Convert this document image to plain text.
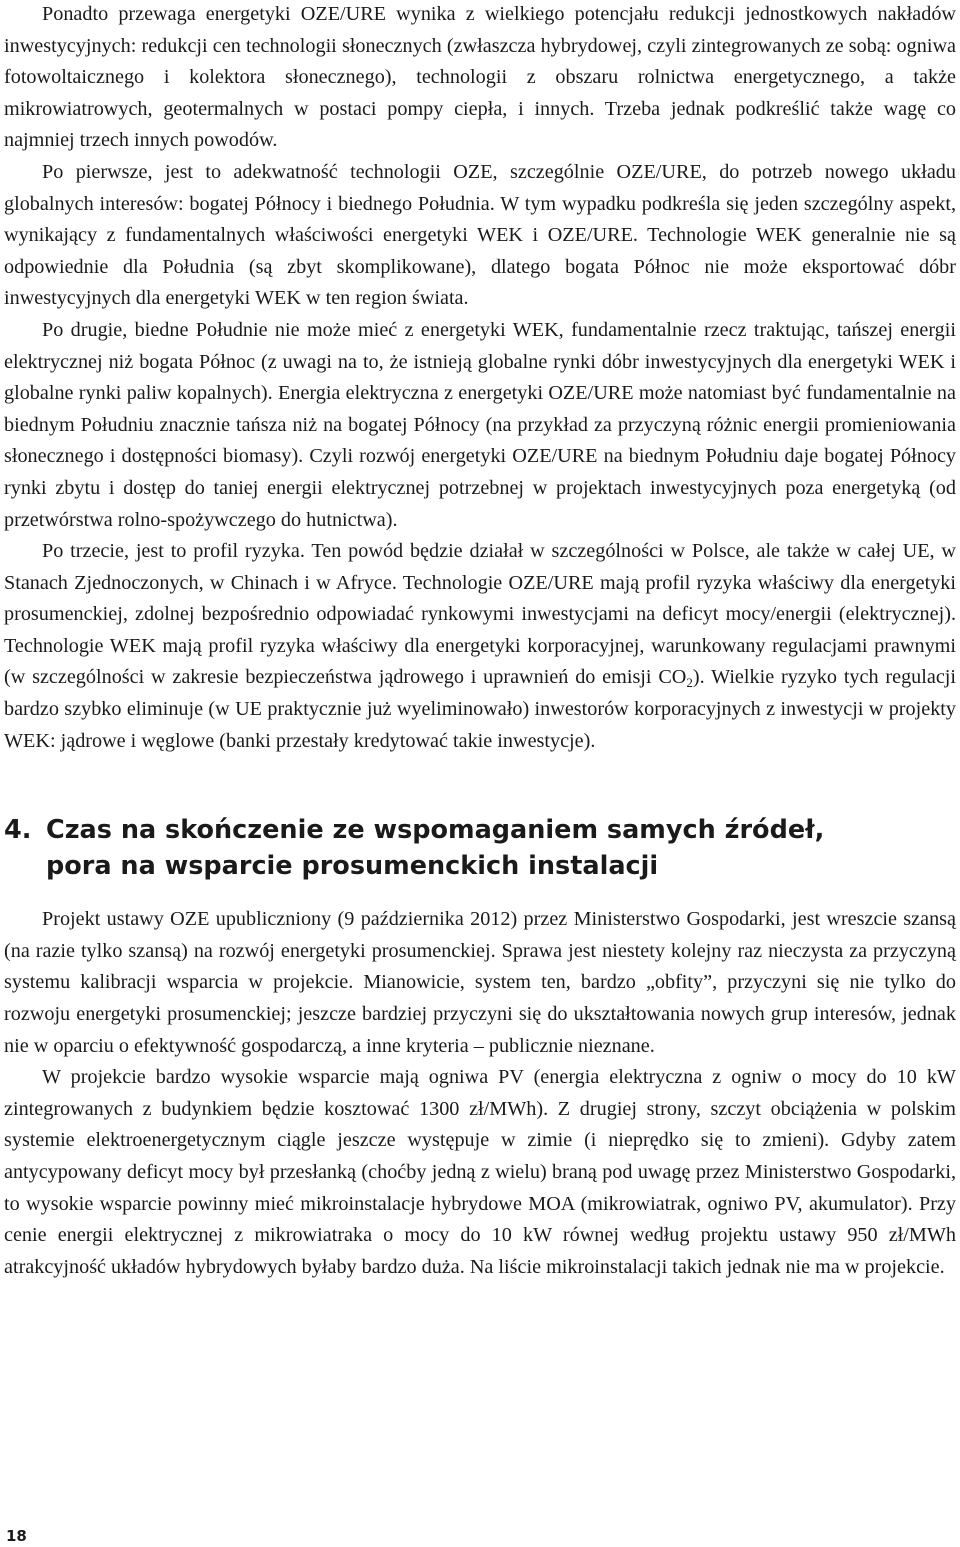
Ponadto przewaga energetyki OZE/URE wynika z wielkiego potencjału redukcji jednostkowych nakładów inwestycyjnych: redukcji cen technologii słonecznych (zwłaszcza hybrydowej, czyli zintegrowanych ze sobą: ogniwa fotowoltaicznego i kolektora słonecznego), technologii z obszaru rolnictwa energetycznego, a także mikrowiatrowych, geotermalnych w postaci pompy ciepła, i innych. Trzeba jednak podkreślić także wagę co najmniej trzech innych powodów.

Po pierwsze, jest to adekwatność technologii OZE, szczególnie OZE/URE, do potrzeb nowego układu globalnych interesów: bogatej Północy i biednego Południa. W tym wypadku podkreśla się jeden szczególny aspekt, wynikający z fundamentalnych właściwości energetyki WEK i OZE/URE. Technologie WEK generalnie nie są odpowiednie dla Południa (są zbyt skomplikowane), dlatego bogata Północ nie może eksportować dóbr inwestycyjnych dla energetyki WEK w ten region świata.

Po drugie, biedne Południe nie może mieć z energetyki WEK, fundamentalnie rzecz traktując, tańszej energii elektrycznej niż bogata Północ (z uwagi na to, że istnieją globalne rynki dóbr inwestycyjnych dla energetyki WEK i globalne rynki paliw kopalnych). Energia elektryczna z energetyki OZE/URE może natomiast być fundamentalnie na biednym Południu znacznie tańsza niż na bogatej Północy (na przykład za przyczyną różnic energii promieniowania słonecznego i dostępności biomasy). Czyli rozwój energetyki OZE/URE na biednym Południu daje bogatej Północy rynki zbytu i dostęp do taniej energii elektrycznej potrzebnej w projektach inwestycyjnych poza energetyką (od przetwórstwa rolno-spożywczego do hutnictwa).

Po trzecie, jest to profil ryzyka. Ten powód będzie działał w szczególności w Polsce, ale także w całej UE, w Stanach Zjednoczonych, w Chinach i w Afryce. Technologie OZE/URE mają profil ryzyka właściwy dla energetyki prosumenckiej, zdolnej bezpośrednio odpowiadać rynkowymi inwestycjami na deficyt mocy/energii (elektrycznej). Technologie WEK mają profil ryzyka właściwy dla energetyki korporacyjnej, warunkowany regulacjami prawnymi (w szczególności w zakresie bezpieczeństwa jądrowego i uprawnień do emisji $CO_2$). Wielkie ryzyko tych regulacji bardzo szybko eliminuje (w UE praktycznie już wyeliminowało) inwestorów korporacyjnych z inwestycji w projekty WEK: jądrowe i węglowe (banki przestały kredytować takie inwestycje).

4. Czas na skończenie ze wspomaganiem samych źródeł,
pora na wsparcie prosumenckich instalacji

Projekt ustawy OZE upubliczniony (9 października 2012) przez Ministerstwo Gospodarki, jest wreszcie szansą (na razie tylko szansą) na rozwój energetyki prosumenckiej. Sprawa jest niestety kolejny raz nieczysta za przyczyną systemu kalibracji wsparcia w projekcie. Mianowicie, system ten, bardzo „obfity”, przyczyni się nie tylko do rozwoju energetyki prosumenckiej; jeszcze bardziej przyczyni się do ukształtowania nowych grup interesów, jednak nie w oparciu o efektywność gospodarczą, a inne kryteria – publicznie nieznane.

W projekcie bardzo wysokie wsparcie mają ogniwa PV (energia elektryczna z ogniw o mocy do 10 kW zintegrowanych z budynkiem będzie kosztować 1300 zł/MWh). Z drugiej strony, szczyt obciążenia w polskim systemie elektroenergetycznym ciągle jeszcze występuje w zimie (i nieprędko się to zmieni). Gdyby zatem antycypowany deficyt mocy był przesłanką (choćby jedną z wielu) braną pod uwagę przez Ministerstwo Gospodarki, to wysokie wsparcie powinny mieć mikroinstalacje hybrydowe MOA (mikrowiatrak, ogniwo PV, akumulator). Przy cenie energii elektrycznej z mikrowiatraka o mocy do 10 kW równej według projektu ustawy 950 zł/MWh atrakcyjność układów hybrydowych byłaby bardzo duża. Na liście mikroinstalacji takich jednak nie ma w projekcie.

18
